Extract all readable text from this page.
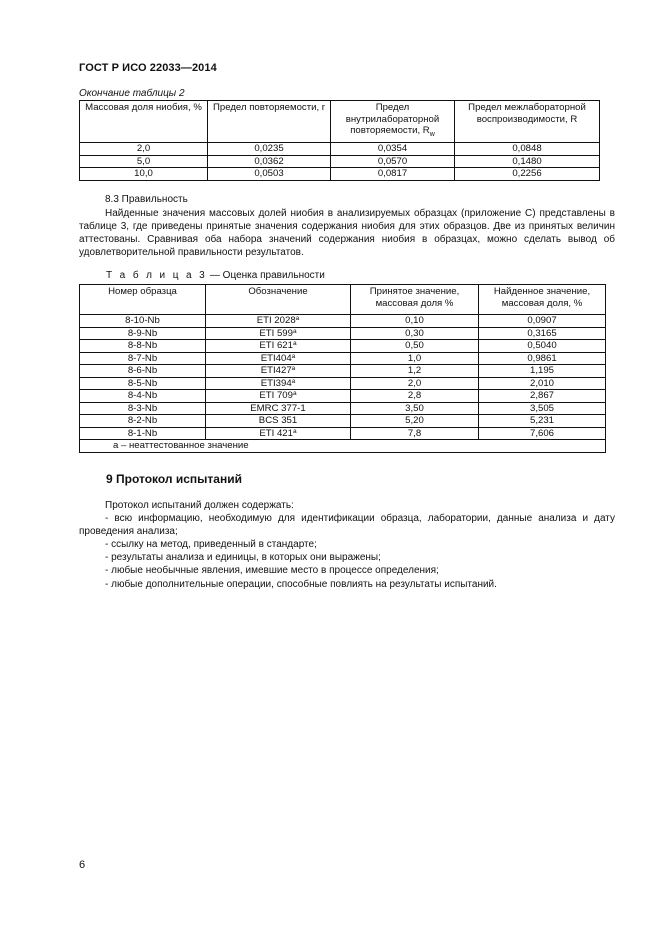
ГОСТ Р ИСО 22033—2014
Окончание таблицы 2
Массовая доля ниобия, %	Предел повторяемости, r	Предел внутрилабораторной повторяемости, $R_w$	Предел межлабораторной воспроизводимости, R
2,0	0,0235	0,0354	0,0848
5,0	0,0362	0,0570	0,1480
10,0	0,0503	0,0817	0,2256
8.3 Правильность
Найденные значения массовых долей ниобия в анализируемых образцах (приложение С) представлены в таблице 3, где приведены принятые значения содержания ниобия для этих образцов. Две из принятых величин аттестованы. Сравнивая оба набора значений содержания ниобия в образцах, можно сделать вывод об удовлетворительной правильности результатов.
Т а б л и ц а 3 — Оценка правильности
Номер образца	Обозначение	Принятое значение, массовая доля %	Найденное значение, массовая доля, %
8-10-Nb	ETI 2028$^a$	0,10	0,0907
8-9-Nb	ETI 599$^a$	0,30	0,3165
8-8-Nb	ETI 621$^a$	0,50	0,5040
8-7-Nb	ETI404$^a$	1,0	0,9861
8-6-Nb	ETI427$^a$	1,2	1,195
8-5-Nb	ETI394$^a$	2,0	2,010
8-4-Nb	ETI 709$^a$	2,8	2,867
8-3-Nb	EMRC 377-1	3,50	3,505
8-2-Nb	BCS 351	5,20	5,231
8-1-Nb	ETI 421$^a$	7,8	7,606
а – неаттестованное значение			
9 Протокол испытаний
Протокол испытаний должен содержать:
- всю информацию, необходимую для идентификации образца, лаборатории, данные анализа и дату проведения анализа;
- ссылку на метод, приведенный в стандарте;
- результаты анализа и единицы, в которых они выражены;
- любые необычные явления, имевшие место в процессе определения;
- любые дополнительные операции, способные повлиять на результаты испытаний.
6
